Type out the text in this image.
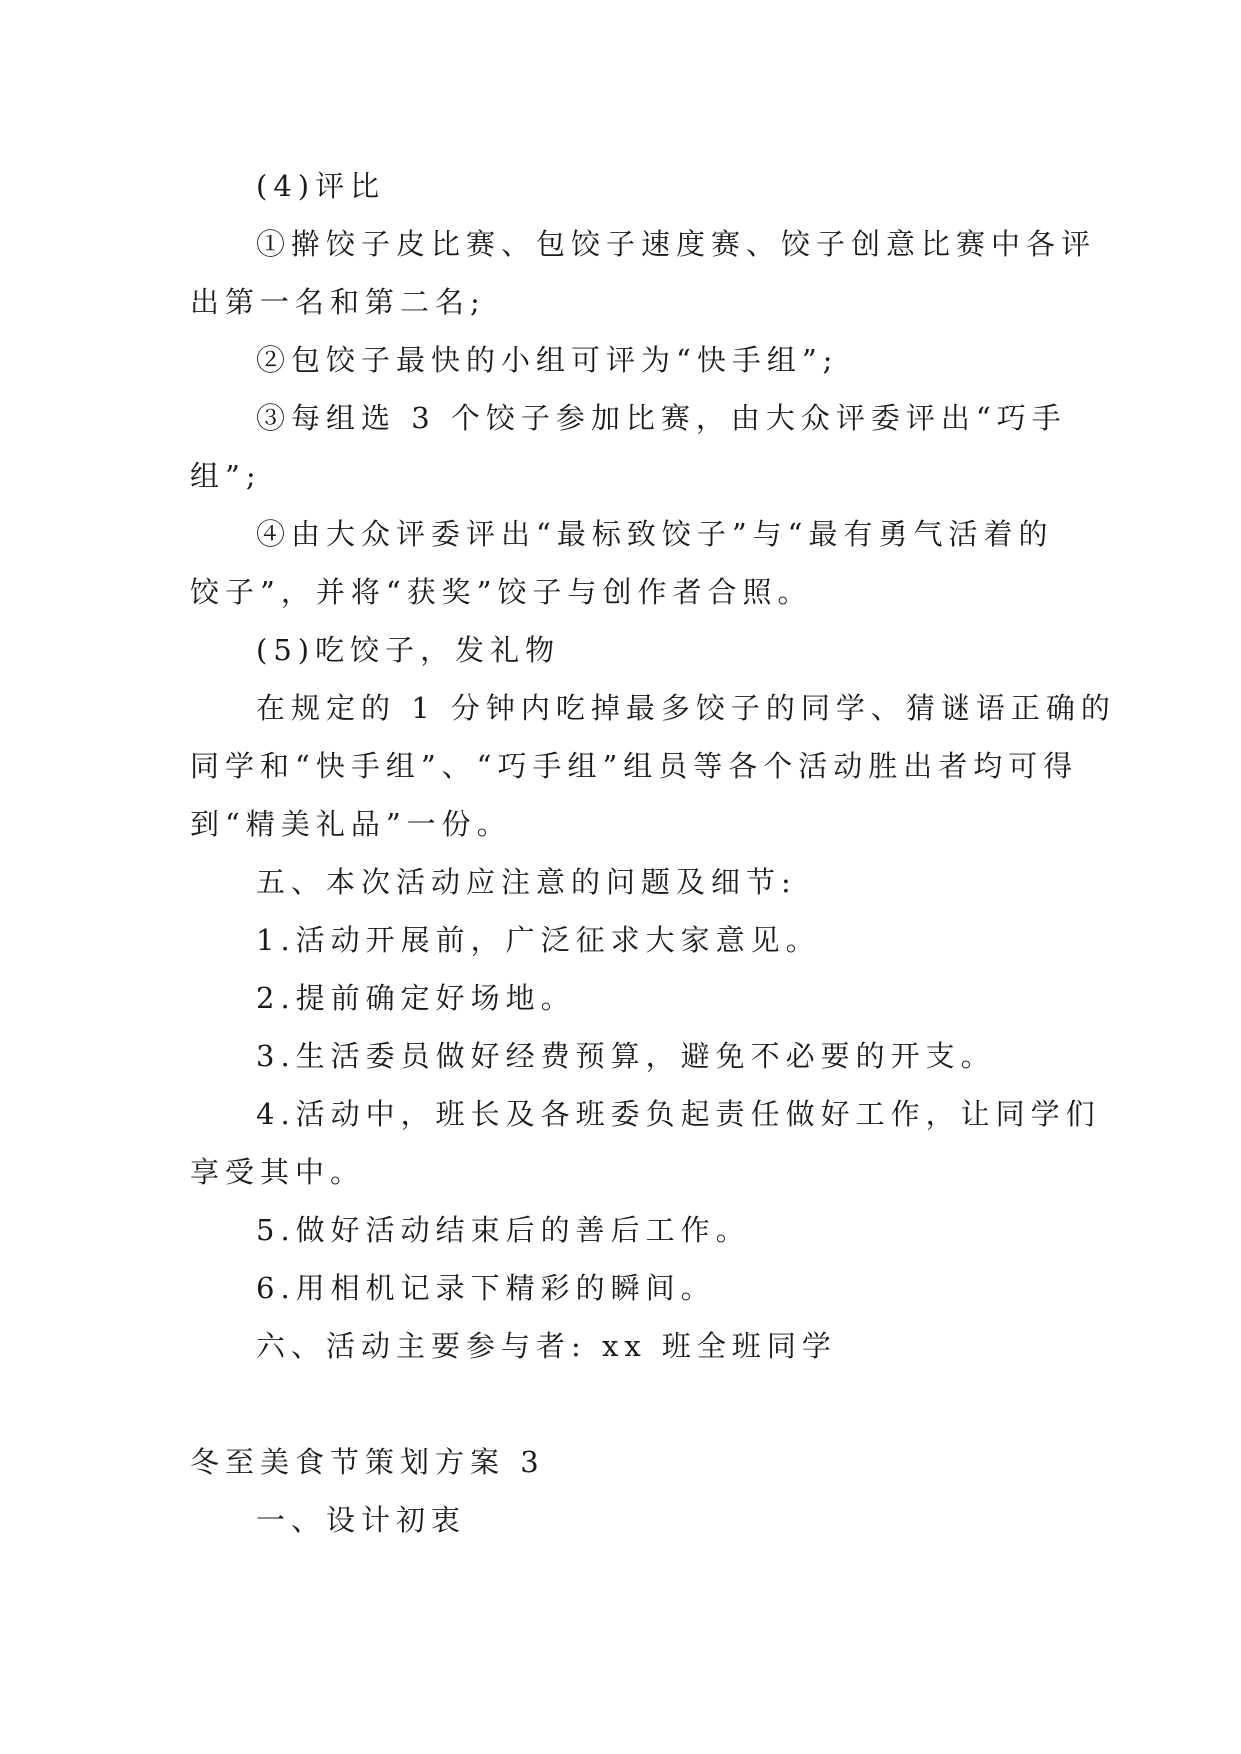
(4)评比
①擀饺子皮比赛、包饺子速度赛、饺子创意比赛中各评
出第一名和第二名;
②包饺子最快的小组可评为“快手组”;
③每组选 3 个饺子参加比赛，由大众评委评出“巧手
组”;
④由大众评委评出“最标致饺子”与“最有勇气活着的
饺子”，并将“获奖”饺子与创作者合照。
(5)吃饺子，发礼物
在规定的 1 分钟内吃掉最多饺子的同学、猜谜语正确的
同学和“快手组”、“巧手组”组员等各个活动胜出者均可得
到“精美礼品”一份。
五、本次活动应注意的问题及细节:
1.活动开展前，广泛征求大家意见。
2.提前确定好场地。
3.生活委员做好经费预算，避免不必要的开支。
4.活动中，班长及各班委负起责任做好工作，让同学们
享受其中。
5.做好活动结束后的善后工作。
6.用相机记录下精彩的瞬间。
六、活动主要参与者: xx 班全班同学
冬至美食节策划方案 3
一、设计初衷
